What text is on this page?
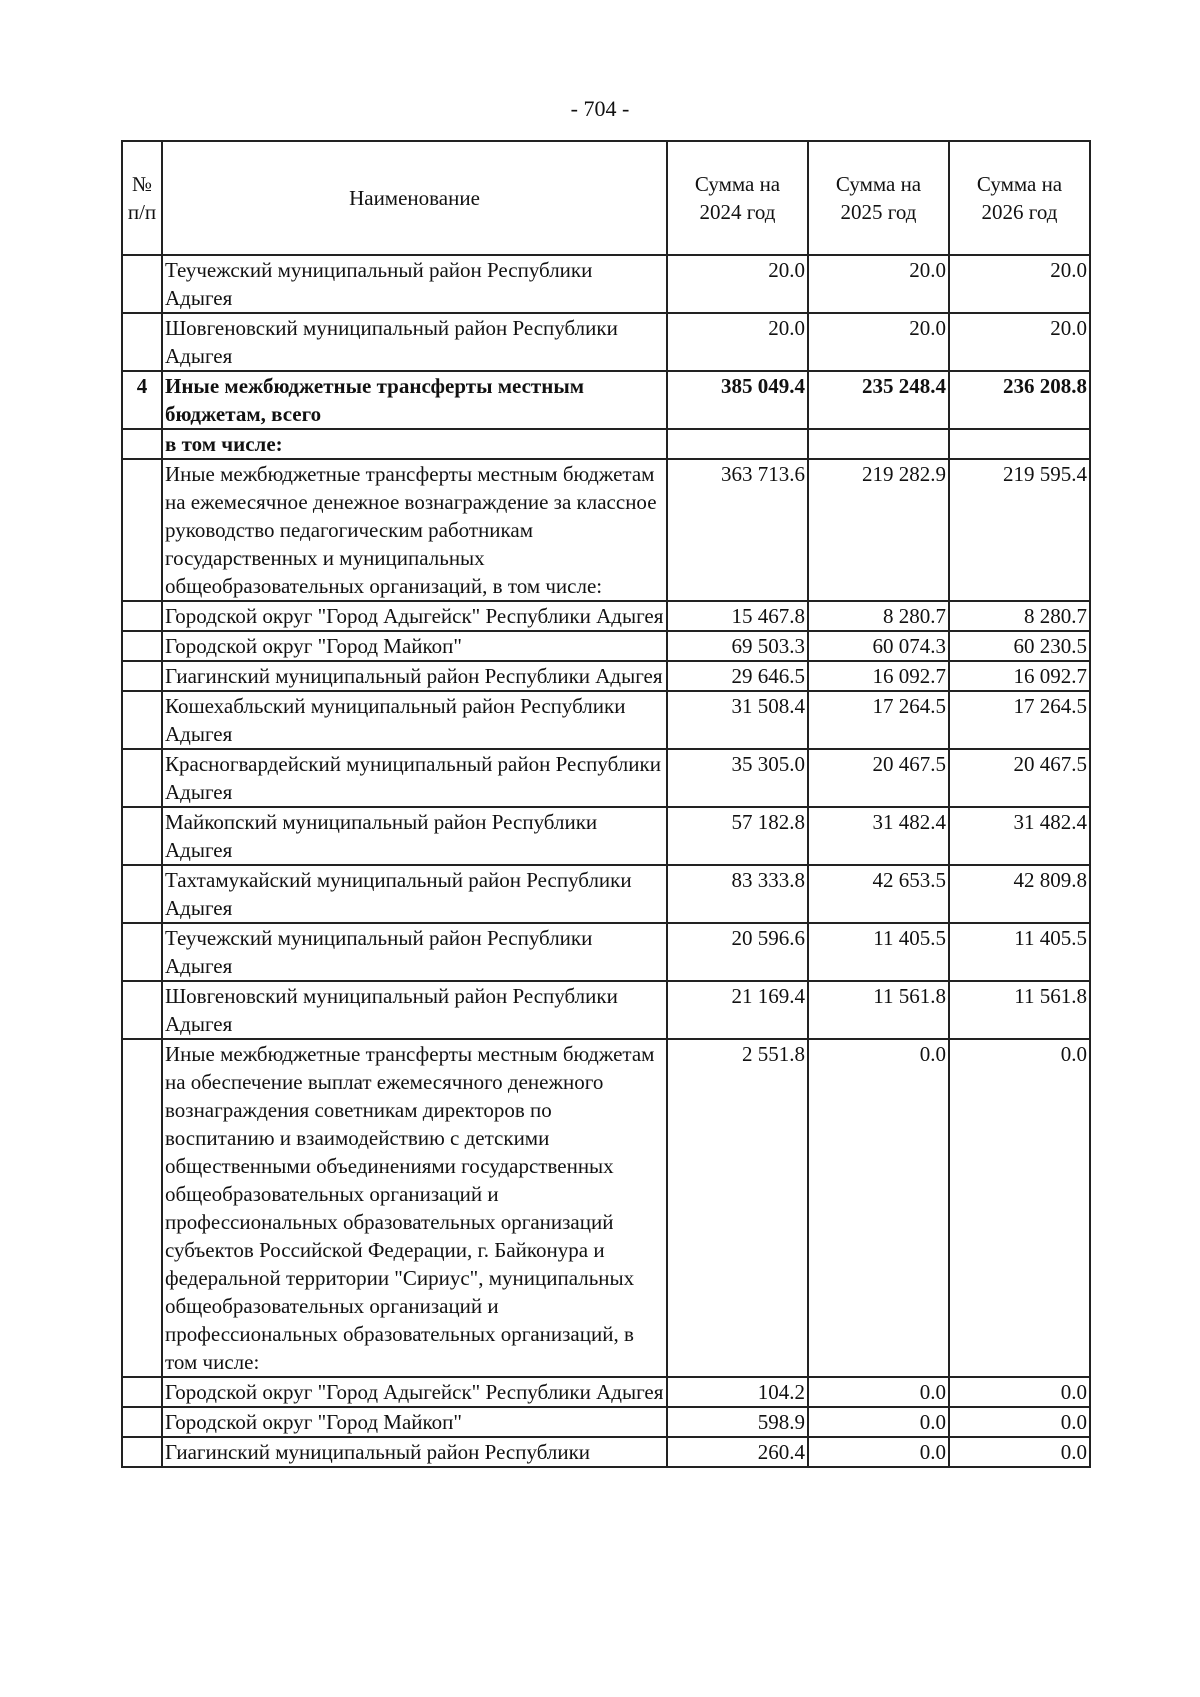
- 704 -
№ п/п	Наименование	Сумма на 2024 год	Сумма на 2025 год	Сумма на 2026 год
	Теучежский муниципальный район Республики Адыгея	20.0	20.0	20.0
	Шовгеновский муниципальный район Республики Адыгея	20.0	20.0	20.0
4	Иные межбюджетные трансферты местным бюджетам, всего	385 049.4	235 248.4	236 208.8
	в том числе:			
	Иные межбюджетные трансферты местным бюджетам на ежемесячное денежное вознаграждение за классное руководство педагогическим работникам государственных и муниципальных общеобразовательных организаций, в том числе:	363 713.6	219 282.9	219 595.4
	Городской округ "Город Адыгейск" Республики Адыгея	15 467.8	8 280.7	8 280.7
	Городской округ "Город Майкоп"	69 503.3	60 074.3	60 230.5
	Гиагинский муниципальный район Республики Адыгея	29 646.5	16 092.7	16 092.7
	Кошехабльский муниципальный район Республики Адыгея	31 508.4	17 264.5	17 264.5
	Красногвардейский муниципальный район Республики Адыгея	35 305.0	20 467.5	20 467.5
	Майкопский муниципальный район Республики Адыгея	57 182.8	31 482.4	31 482.4
	Тахтамукайский муниципальный район Республики Адыгея	83 333.8	42 653.5	42 809.8
	Теучежский муниципальный район Республики Адыгея	20 596.6	11 405.5	11 405.5
	Шовгеновский муниципальный район Республики Адыгея	21 169.4	11 561.8	11 561.8
	Иные межбюджетные трансферты местным бюджетам на обеспечение выплат ежемесячного денежного вознаграждения советникам директоров по воспитанию и взаимодействию с детскими общественными объединениями государственных общеобразовательных организаций и профессиональных образовательных организаций субъектов Российской Федерации, г. Байконура и федеральной территории "Сириус", муниципальных общеобразовательных организаций и профессиональных образовательных организаций, в том числе:	2 551.8	0.0	0.0
	Городской округ "Город Адыгейск" Республики Адыгея	104.2	0.0	0.0
	Городской округ "Город Майкоп"	598.9	0.0	0.0
	Гиагинский муниципальный район Республики	260.4	0.0	0.0
